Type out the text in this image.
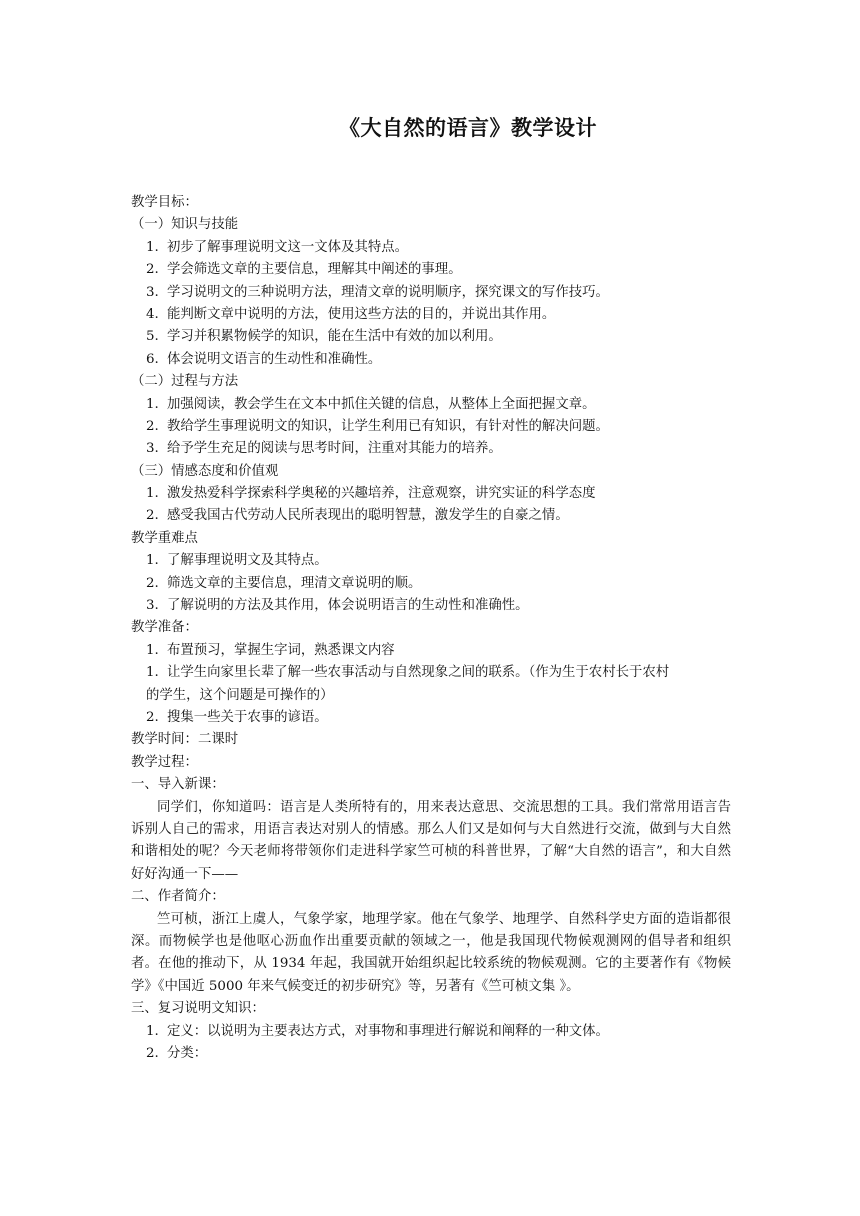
《大自然的语言》教学设计
教学目标：
（一）知识与技能
1. 初步了解事理说明文这一文体及其特点。
2. 学会筛选文章的主要信息，理解其中阐述的事理。
3. 学习说明文的三种说明方法，理清文章的说明顺序，探究课文的写作技巧。
4. 能判断文章中说明的方法，使用这些方法的目的，并说出其作用。
5. 学习并积累物候学的知识，能在生活中有效的加以利用。
6. 体会说明文语言的生动性和准确性。
（二）过程与方法
1. 加强阅读，教会学生在文本中抓住关键的信息，从整体上全面把握文章。
2. 教给学生事理说明文的知识，让学生利用已有知识，有针对性的解决问题。
3. 给予学生充足的阅读与思考时间，注重对其能力的培养。
（三）情感态度和价值观
1. 激发热爱科学探索科学奥秘的兴趣培养，注意观察，讲究实证的科学态度
2. 感受我国古代劳动人民所表现出的聪明智慧，激发学生的自豪之情。
教学重难点
1. 了解事理说明文及其特点。
2. 筛选文章的主要信息，理清文章说明的顺。
3. 了解说明的方法及其作用，体会说明语言的生动性和准确性。
教学准备：
1. 布置预习，掌握生字词，熟悉课文内容
1. 让学生向家里长辈了解一些农事活动与自然现象之间的联系。（作为生于农村长于农村
的学生，这个问题是可操作的）
2. 搜集一些关于农事的谚语。
教学时间：二课时
教学过程：
一、导入新课：
同学们，你知道吗：语言是人类所特有的，用来表达意思、交流思想的工具。我们常常用语言告诉别人自己的需求，用语言表达对别人的情感。那么人们又是如何与大自然进行交流，做到与大自然和谐相处的呢？今天老师将带领你们走进科学家竺可桢的科普世界，了解“大自然的语言”，和大自然好好沟通一下——
二、作者简介：
竺可桢，浙江上虞人，气象学家，地理学家。他在气象学、地理学、自然科学史方面的造诣都很深。而物候学也是他呕心沥血作出重要贡献的领域之一，他是我国现代物候观测网的倡导者和组织者。在他的推动下，从 1934 年起，我国就开始组织起比较系统的物候观测。它的主要著作有《物候学》《中国近 5000 年来气候变迁的初步研究》等，另著有《竺可桢文集 》。
三、复习说明文知识：
1. 定义：以说明为主要表达方式，对事物和事理进行解说和阐释的一种文体。
2. 分类：
